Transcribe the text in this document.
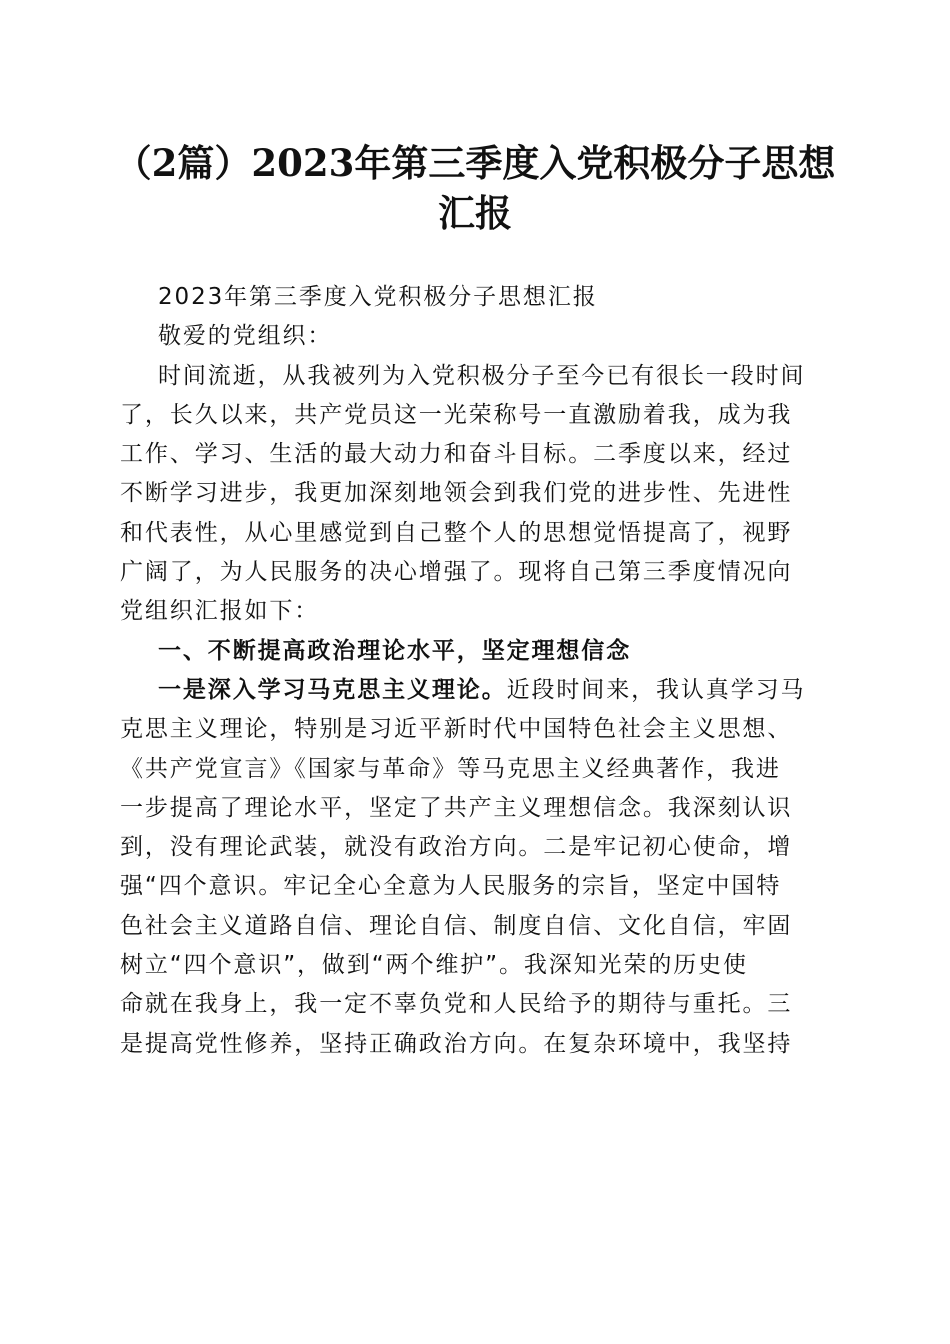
（2篇）2023年第三季度入党积极分子思想汇报
2023年第三季度入党积极分子思想汇报
敬爱的党组织：
时间流逝，从我被列为入党积极分子至今已有很长一段时间
了，长久以来，共产党员这一光荣称号一直激励着我，成为我
工作、学习、生活的最大动力和奋斗目标。二季度以来，经过
不断学习进步，我更加深刻地领会到我们党的进步性、先进性
和代表性，从心里感觉到自己整个人的思想觉悟提高了，视野
广阔了，为人民服务的决心增强了。现将自己第三季度情况向
党组织汇报如下：
一、不断提高政治理论水平，坚定理想信念
一是深入学习马克思主义理论。近段时间来，我认真学习马
克思主义理论，特别是习近平新时代中国特色社会主义思想、
《共产党宣言》《国家与革命》等马克思主义经典著作，我进
一步提高了理论水平，坚定了共产主义理想信念。我深刻认识
到，没有理论武装，就没有政治方向。二是牢记初心使命，增
强“四个意识。牢记全心全意为人民服务的宗旨，坚定中国特
色社会主义道路自信、理论自信、制度自信、文化自信，牢固
树立“四个意识”，做到“两个维护”。我深知光荣的历史使
命就在我身上，我一定不辜负党和人民给予的期待与重托。三
是提高党性修养，坚持正确政治方向。在复杂环境中，我坚持
